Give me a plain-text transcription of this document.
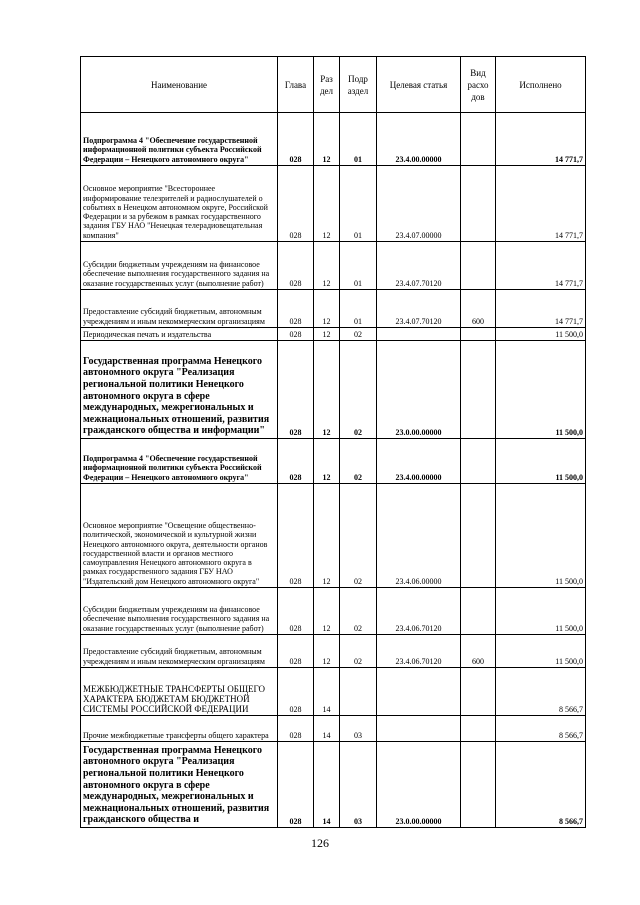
Наименование	Глава	Раз дел	Подр аздел	Целевая статья	Вид расхо дов	Исполнено
Подпрограмма 4 "Обеспечение государственной информационной политики субъекта Российской Федерации – Ненецкого автономного округа"	028	12	01	23.4.00.00000		14 771,7
Основное мероприятие "Всестороннее информирование телезрителей и радиослушателей о событиях в Ненецком автономном округе, Российской Федерации и за рубежом в рамках государственного задания ГБУ НАО "Ненецкая телерадиовещательная компания"	028	12	01	23.4.07.00000		14 771,7
Субсидии бюджетным учреждениям на финансовое обеспечение выполнения государственного задания на оказание государственных услуг (выполнение работ)	028	12	01	23.4.07.70120		14 771,7
Предоставление субсидий бюджетным, автономным учреждениям и иным некоммерческим организациям	028	12	01	23.4.07.70120	600	14 771,7
Периодическая печать и издательства	028	12	02			11 500,0
Государственная программа Ненецкого автономного округа "Реализация региональной политики Ненецкого автономного округа в сфере международных, межрегиональных и межнациональных отношений, развития гражданского общества и информации"	028	12	02	23.0.00.00000		11 500,0
Подпрограмма 4 "Обеспечение государственной информационной политики субъекта Российской Федерации – Ненецкого автономного округа"	028	12	02	23.4.00.00000		11 500,0
Основное мероприятие "Освещение общественно-политической, экономической и культурной жизни Ненецкого автономного округа, деятельности органов государственной власти и органов местного самоуправления Ненецкого автономного округа в рамках государственного задания ГБУ НАО "Издательский дом Ненецкого автономного округа"	028	12	02	23.4.06.00000		11 500,0
Субсидии бюджетным учреждениям на финансовое обеспечение выполнения государственного задания на оказание государственных услуг (выполнение работ)	028	12	02	23.4.06.70120		11 500,0
Предоставление субсидий бюджетным, автономным учреждениям и иным некоммерческим организациям	028	12	02	23.4.06.70120	600	11 500,0
МЕЖБЮДЖЕТНЫЕ ТРАНСФЕРТЫ ОБЩЕГО ХАРАКТЕРА БЮДЖЕТАМ БЮДЖЕТНОЙ СИСТЕМЫ РОССИЙСКОЙ ФЕДЕРАЦИИ	028	14				8 566,7
Прочие межбюджетные трансферты общего характера	028	14	03			8 566,7
Государственная программа Ненецкого автономного округа "Реализация региональной политики Ненецкого автономного округа в сфере международных, межрегиональных и межнациональных отношений, развития гражданского общества и	028	14	03	23.0.00.00000		8 566,7
126
